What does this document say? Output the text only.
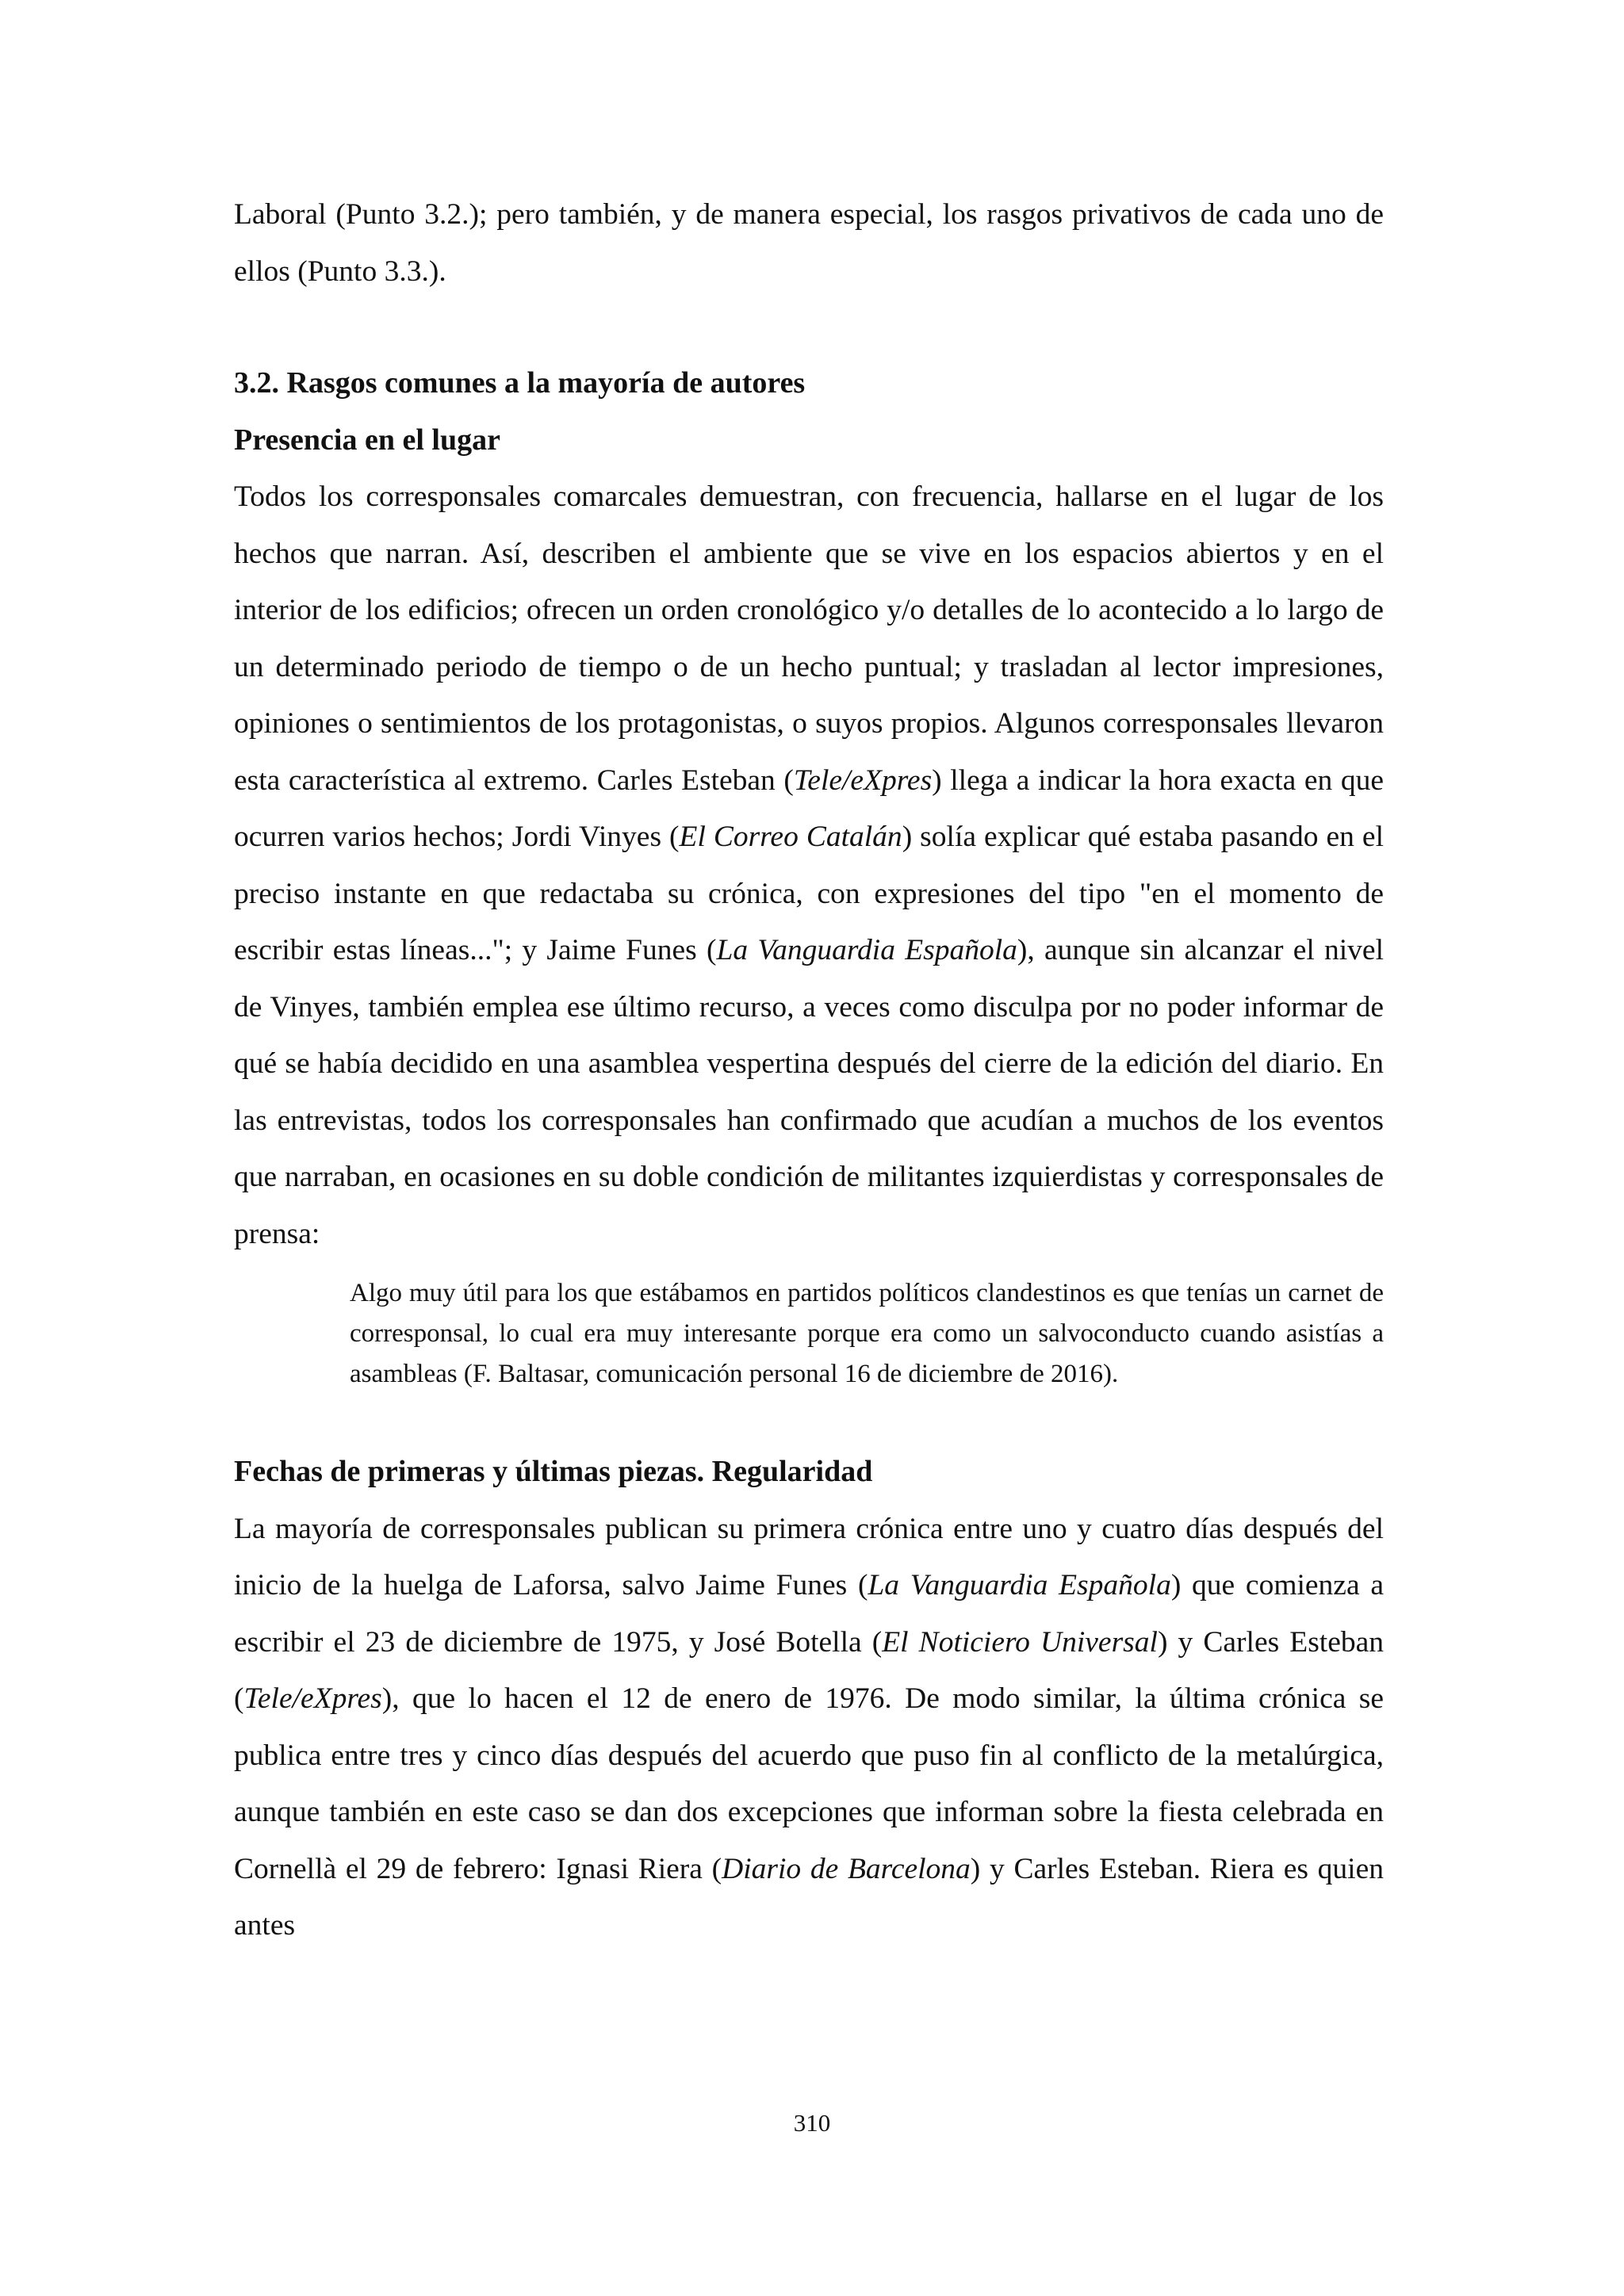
Laboral (Punto 3.2.); pero también, y de manera especial, los rasgos privativos de cada uno de ellos (Punto 3.3.).

3.2. Rasgos comunes a la mayoría de autores
Presencia en el lugar

Todos los corresponsales comarcales demuestran, con frecuencia, hallarse en el lugar de los hechos que narran. Así, describen el ambiente que se vive en los espacios abiertos y en el interior de los edificios; ofrecen un orden cronológico y/o detalles de lo acontecido a lo largo de un determinado periodo de tiempo o de un hecho puntual; y trasladan al lector impresiones, opiniones o sentimientos de los protagonistas, o suyos propios. Algunos corresponsales llevaron esta característica al extremo. Carles Esteban (Tele/eXpres) llega a indicar la hora exacta en que ocurren varios hechos; Jordi Vinyes (El Correo Catalán) solía explicar qué estaba pasando en el preciso instante en que redactaba su crónica, con expresiones del tipo "en el momento de escribir estas líneas..."; y Jaime Funes (La Vanguardia Española), aunque sin alcanzar el nivel de Vinyes, también emplea ese último recurso, a veces como disculpa por no poder informar de qué se había decidido en una asamblea vespertina después del cierre de la edición del diario. En las entrevistas, todos los corresponsales han confirmado que acudían a muchos de los eventos que narraban, en ocasiones en su doble condición de militantes izquierdistas y corresponsales de prensa:

Algo muy útil para los que estábamos en partidos políticos clandestinos es que tenías un carnet de corresponsal, lo cual era muy interesante porque era como un salvoconducto cuando asistías a asambleas (F. Baltasar, comunicación personal 16 de diciembre de 2016).
Fechas de primeras y últimas piezas. Regularidad

La mayoría de corresponsales publican su primera crónica entre uno y cuatro días después del inicio de la huelga de Laforsa, salvo Jaime Funes (La Vanguardia Española) que comienza a escribir el 23 de diciembre de 1975, y José Botella (El Noticiero Universal) y Carles Esteban (Tele/eXpres), que lo hacen el 12 de enero de 1976. De modo similar, la última crónica se publica entre tres y cinco días después del acuerdo que puso fin al conflicto de la metalúrgica, aunque también en este caso se dan dos excepciones que informan sobre la fiesta celebrada en Cornellà el 29 de febrero: Ignasi Riera (Diario de Barcelona) y Carles Esteban. Riera es quien antes

310
